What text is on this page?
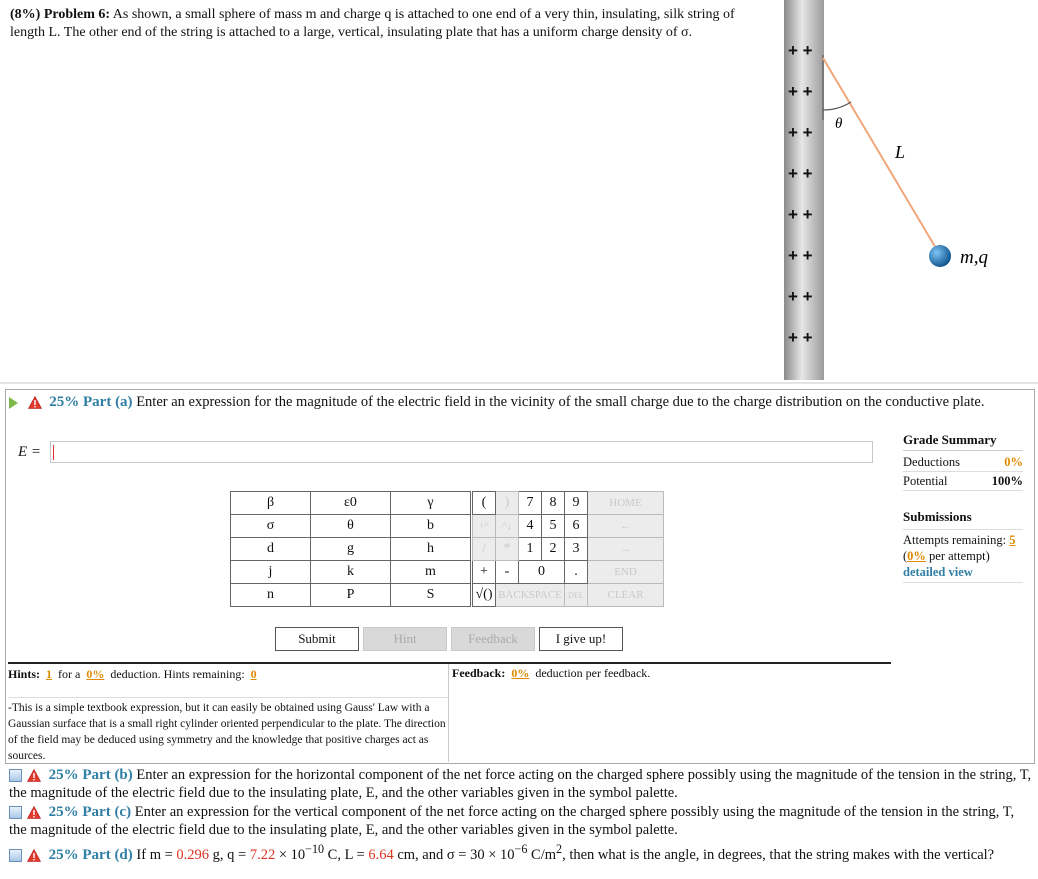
(8%) Problem 6: As shown, a small sphere of mass m and charge q is attached to one end of a very thin, insulating, silk string of length L. The other end of the string is attached to a large, vertical, insulating plate that has a uniform charge density of σ.
+ +
+ +
+ +
+ +
+ +
+ +
+ +
+ +
θ
L
m,q
25% Part (a) Enter an expression for the magnitude of the electric field in the vicinity of the small charge due to the charge distribution on the conductive plate.
E =
Grade Summary
Deductions	0%
Potential	100%
Submissions
Attempts remaining: 5
(0% per attempt)
detailed view
β	ε0	γ
σ	θ	b
d	g	h
j	k	m
n	P	S
(	)	7	8	9	HOME
↑^	^↓	4	5	6	←
/	*	1	2	3	→
+	-	0		.	END
√()	BACKSPACE			DEL	CLEAR
Submit	Hint	Feedback	I give up!
Hints: 1 for a 0% deduction. Hints remaining: 0	Feedback: 0% deduction per feedback.
-This is a simple textbook expression, but it can easily be obtained using Gauss' Law with a Gaussian surface that is a small right cylinder oriented perpendicular to the plate. The direction of the field may be deduced using symmetry and the knowledge that positive charges act as sources.
25% Part (b) Enter an expression for the horizontal component of the net force acting on the charged sphere possibly using the magnitude of the tension in the string, T, the magnitude of the electric field due to the insulating plate, E, and the other variables given in the symbol palette.
25% Part (c) Enter an expression for the vertical component of the net force acting on the charged sphere possibly using the magnitude of the tension in the string, T, the magnitude of the electric field due to the insulating plate, E, and the other variables given in the symbol palette.
25% Part (d) If m = 0.296 g, $q = 7.22 \times 10^{-10}$ C, L = 6.64 cm, and $\sigma = 30 \times 10^{-6}$ $C/m^2$, then what is the angle, in degrees, that the string makes with the vertical?
